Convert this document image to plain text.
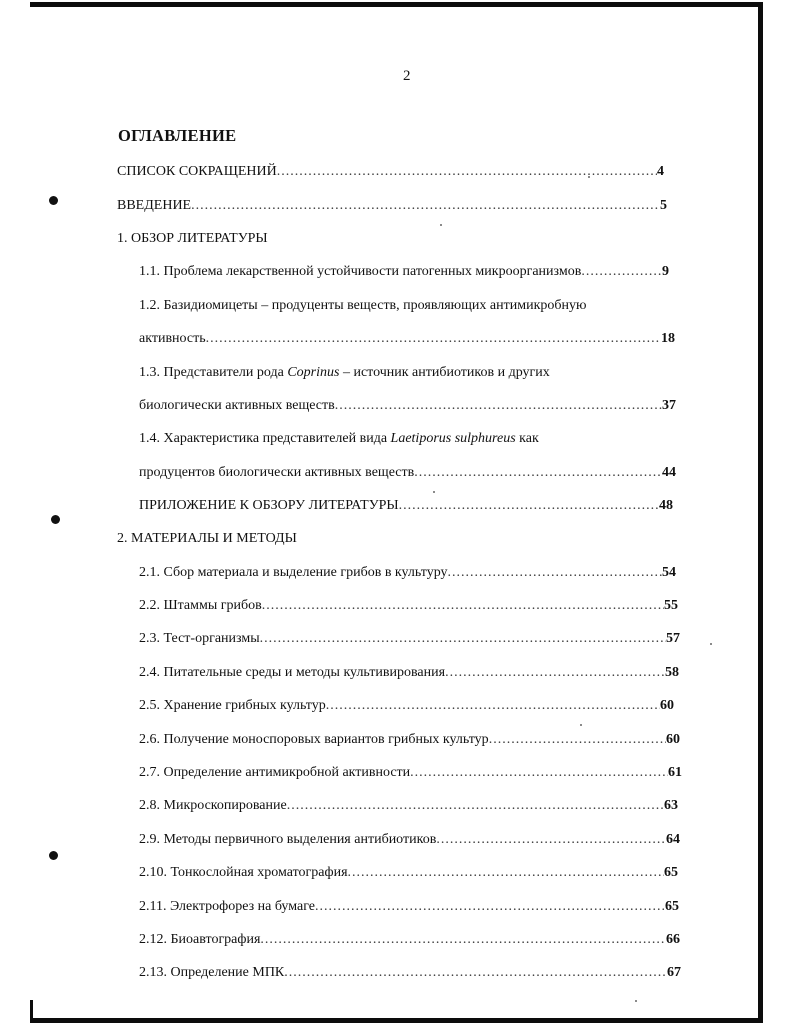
2
ОГЛАВЛЕНИЕ
СПИСОК СОКРАЩЕНИЙ .....	4
ВВЕДЕНИЕ .....	5
1. ОБЗОР ЛИТЕРАТУРЫ
1.1. Проблема лекарственной устойчивости патогенных микроорганизмов .....	9
1.2. Базидиомицеты – продуценты веществ, проявляющих антимикробную
активность .....	18
1.3. Представители рода Coprinus – источник антибиотиков и других
биологически активных веществ .....	37
1.4. Характеристика представителей вида Laetiporus sulphureus как
продуцентов биологически активных веществ .....	44
ПРИЛОЖЕНИЕ К ОБЗОРУ ЛИТЕРАТУРЫ .....	48
2. МАТЕРИАЛЫ И МЕТОДЫ
2.1. Сбор материала и выделение грибов в культуру .....	54
2.2. Штаммы грибов .....	55
2.3. Тест-организмы .....	57
2.4. Питательные среды и методы культивирования .....	58
2.5. Хранение грибных культур .....	60
2.6. Получение моноспоровых вариантов грибных культур .....	60
2.7. Определение антимикробной активности .....	61
2.8. Микроскопирование .....	63
2.9. Методы первичного выделения антибиотиков .....	64
2.10. Тонкослойная хроматография .....	65
2.11. Электрофорез на бумаге .....	65
2.12. Биоавтография .....	66
2.13. Определение МПК .....	67
